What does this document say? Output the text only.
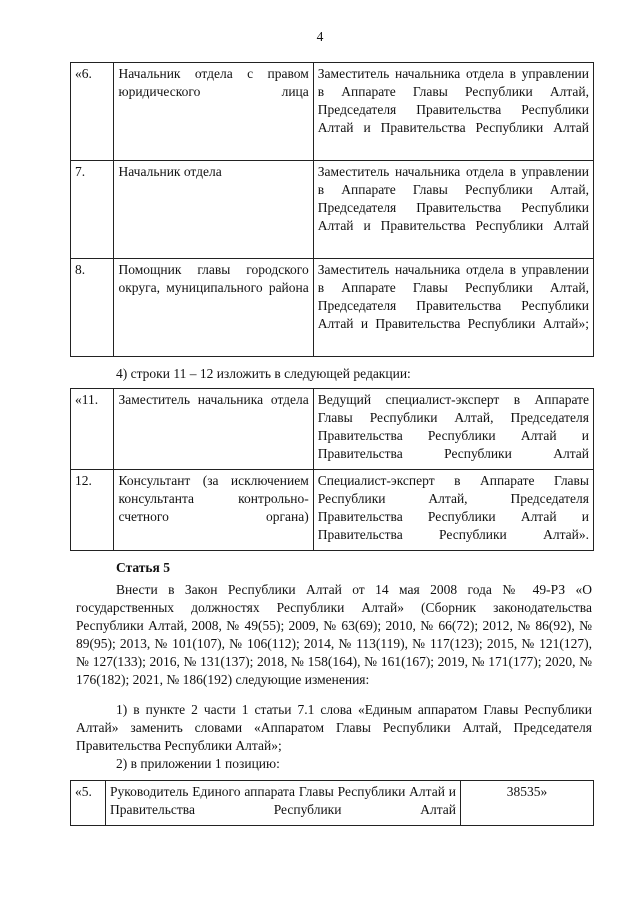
4
«6.	Начальник отдела с правом юридического лица	Заместитель начальника отдела в управлении в Аппарате Главы Республики Алтай, Председателя Правительства Республики Алтай и Правительства Республики Алтай
7.	Начальник отдела	Заместитель начальника отдела в управлении в Аппарате Главы Республики Алтай, Председателя Правительства Республики Алтай и Правительства Республики Алтай
8.	Помощник главы городского округа, муниципального района	Заместитель начальника отдела в управлении в Аппарате Главы Республики Алтай, Председателя Правительства Республики Алтай и Правительства Республики Алтай»;
4) строки 11 – 12 изложить в следующей редакции:
«11.	Заместитель начальника отдела	Ведущий специалист-эксперт в Аппарате Главы Республики Алтай, Председателя Правительства Республики Алтай и Правительства Республики Алтай
12.	Консультант (за исключением консультанта контрольно-счетного органа)	Специалист-эксперт в Аппарате Главы Республики Алтай, Председателя Правительства Республики Алтай и Правительства Республики Алтай».
Статья 5
Внести в Закон Республики Алтай от 14 мая 2008 года № 49-РЗ «О государственных должностях Республики Алтай» (Сборник законодательства Республики Алтай, 2008, № 49(55); 2009, № 63(69); 2010, № 66(72); 2012, № 86(92), № 89(95); 2013, № 101(107), № 106(112); 2014, № 113(119), № 117(123); 2015, № 121(127), № 127(133); 2016, № 131(137); 2018, № 158(164), № 161(167); 2019, № 171(177); 2020, № 176(182); 2021, № 186(192) следующие изменения:
1) в пункте 2 части 1 статьи 7.1 слова «Единым аппаратом Главы Республики Алтай» заменить словами «Аппаратом Главы Республики Алтай, Председателя Правительства Республики Алтай»;
2) в приложении 1 позицию:
«5.	Руководитель Единого аппарата Главы Республики Алтай и Правительства Республики Алтай	38535»
